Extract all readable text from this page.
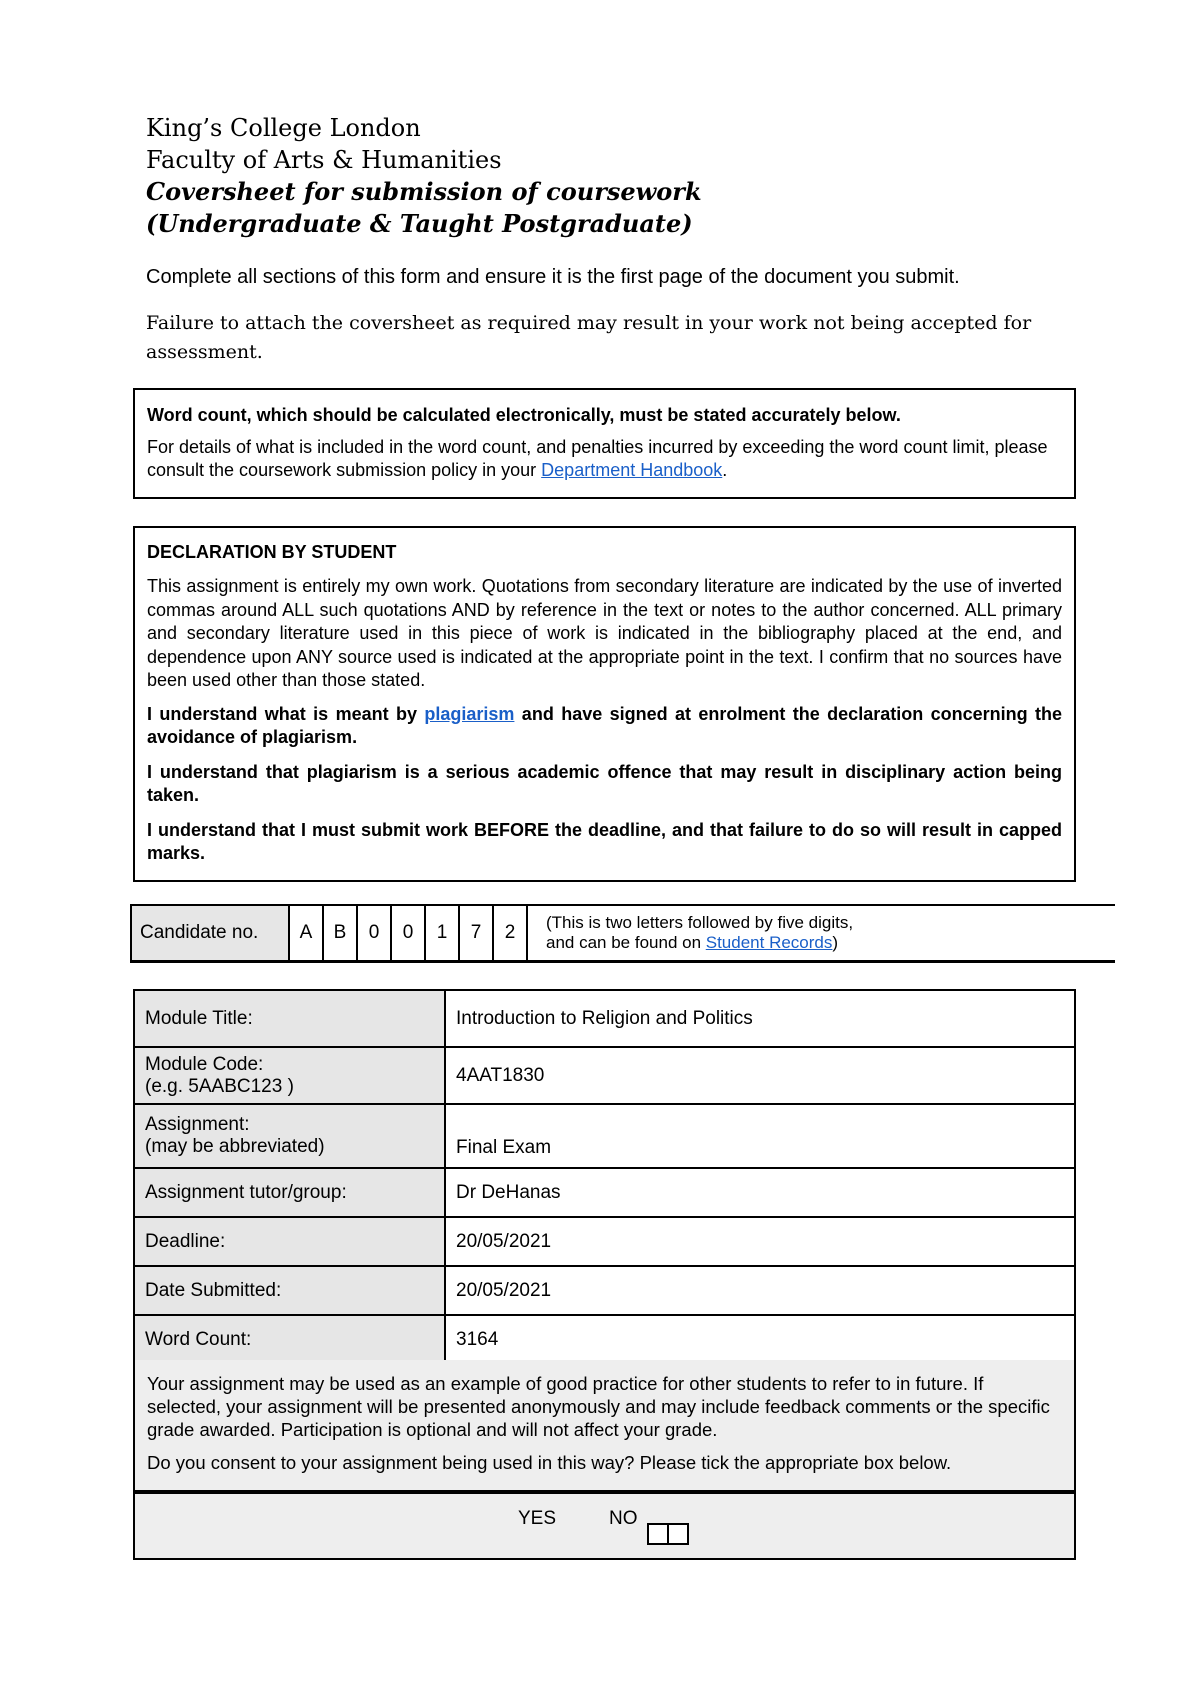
King’s College London
Faculty of Arts & Humanities
Coversheet for submission of coursework
(Undergraduate & Taught Postgraduate)
Complete all sections of this form and ensure it is the first page of the document you submit.
Failure to attach the coversheet as required may result in your work not being accepted for assessment.

Word count, which should be calculated electronically, must be stated accurately below.

For details of what is included in the word count, and penalties incurred by exceeding the word count limit, please consult the coursework submission policy in your Department Handbook.

DECLARATION BY STUDENT

This assignment is entirely my own work. Quotations from secondary literature are indicated by the use of inverted commas around ALL such quotations AND by reference in the text or notes to the author concerned. ALL primary and secondary literature used in this piece of work is indicated in the bibliography placed at the end, and dependence upon ANY source used is indicated at the appropriate point in the text. I confirm that no sources have been used other than those stated.

I understand what is meant by plagiarism and have signed at enrolment the declaration concerning the avoidance of plagiarism.

I understand that plagiarism is a serious academic offence that may result in disciplinary action being taken.

I understand that I must submit work BEFORE the deadline, and that failure to do so will result in capped marks.

Candidate no.	A	B	0	0	1	7	2	(This is two letters followed by five digits,
and can be found on Student Records)
Module Title:	Introduction to Religion and Politics

Module Code:
(e.g. 5AABC123 )	4AAT1830

Assignment:
(may be abbreviated)	Final Exam
Assignment tutor/group:	Dr DeHanas
Deadline:	20/05/2021
Date Submitted:	20/05/2021
Word Count:	3164

Your assignment may be used as an example of good practice for other students to refer to in future. If selected, your assignment will be presented anonymously and may include feedback comments or the specific grade awarded. Participation is optional and will not affect your grade.

Do you consent to your assignment being used in this way? Please tick the appropriate box below.

YES	NO
